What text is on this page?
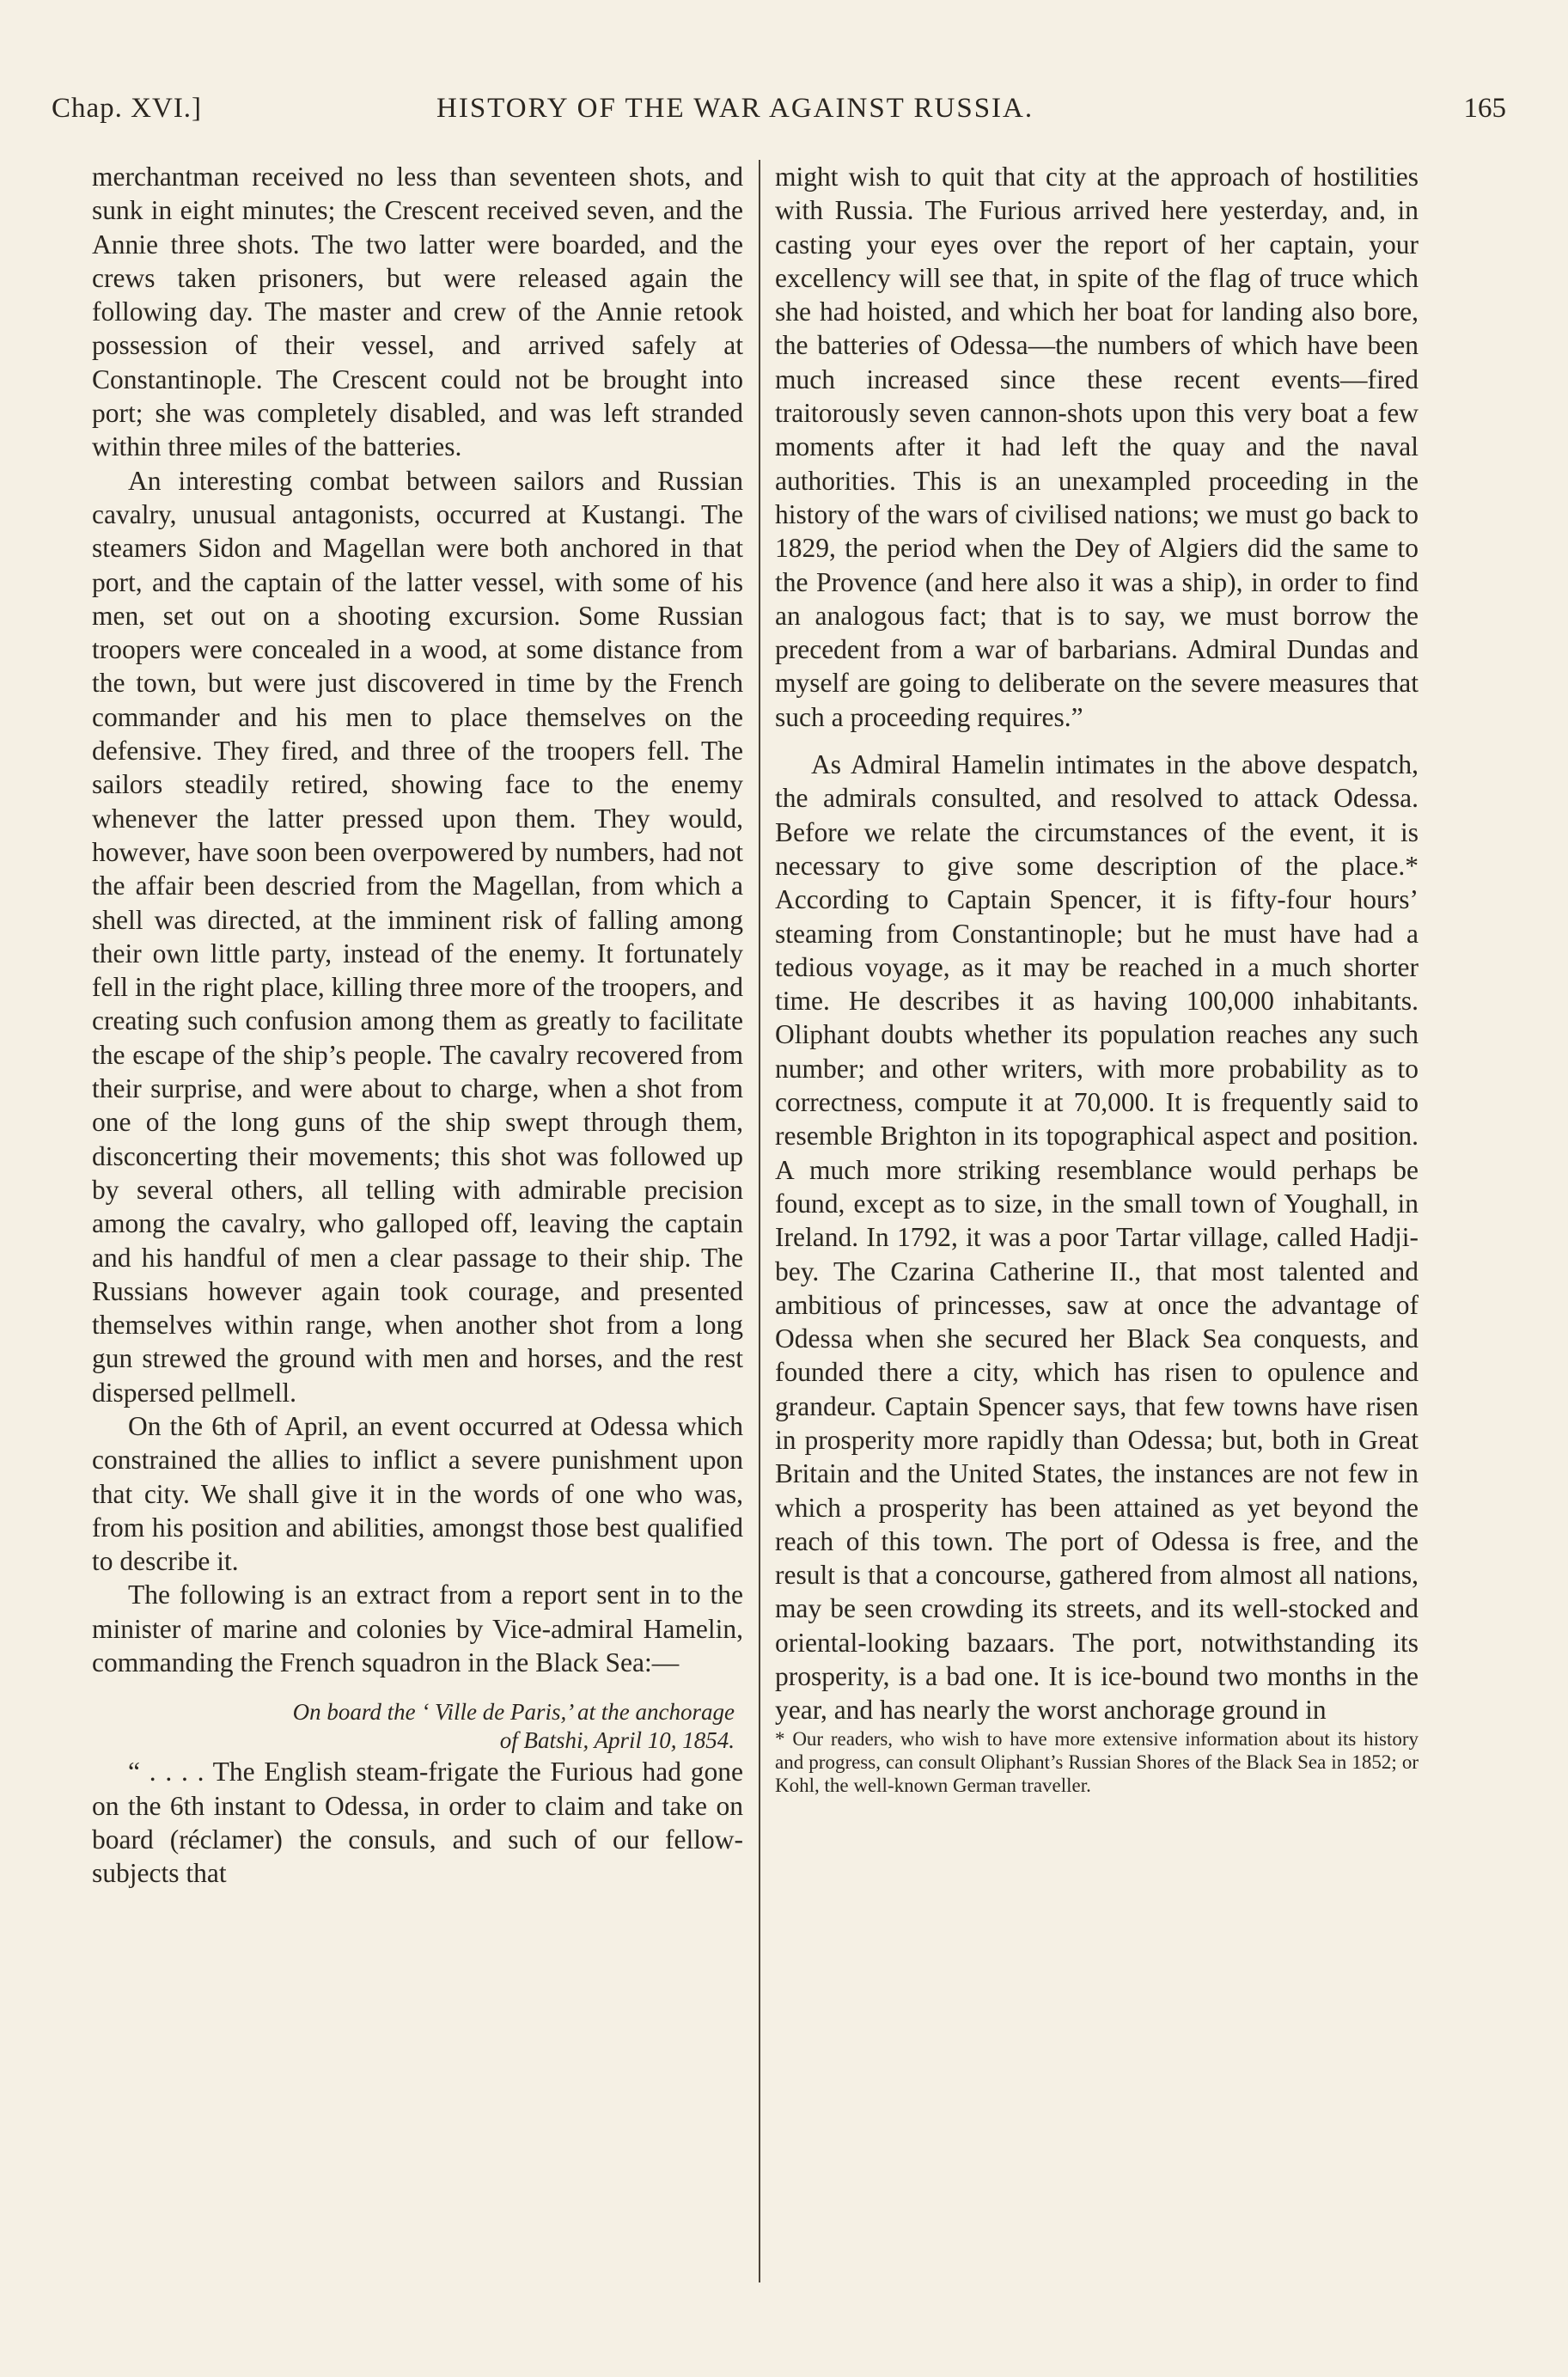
Chap. XVI.]	HISTORY OF THE WAR AGAINST RUSSIA.	165

merchantman received no less than seventeen shots, and sunk in eight minutes; the Crescent received seven, and the Annie three shots. The two latter were boarded, and the crews taken prisoners, but were released again the following day. The master and crew of the Annie retook possession of their vessel, and arrived safely at Constantinople. The Crescent could not be brought into port; she was completely disabled, and was left stranded within three miles of the batteries.

An interesting combat between sailors and Russian cavalry, unusual antagonists, occurred at Kustangi. The steamers Sidon and Magellan were both anchored in that port, and the captain of the latter vessel, with some of his men, set out on a shooting excursion. Some Russian troopers were concealed in a wood, at some distance from the town, but were just discovered in time by the French commander and his men to place themselves on the defensive. They fired, and three of the troopers fell. The sailors steadily retired, showing face to the enemy whenever the latter pressed upon them. They would, however, have soon been overpowered by numbers, had not the affair been descried from the Magellan, from which a shell was directed, at the imminent risk of falling among their own little party, instead of the enemy. It fortunately fell in the right place, killing three more of the troopers, and creating such confusion among them as greatly to facilitate the escape of the ship’s people. The cavalry recovered from their surprise, and were about to charge, when a shot from one of the long guns of the ship swept through them, disconcerting their movements; this shot was followed up by several others, all telling with admirable precision among the cavalry, who galloped off, leaving the captain and his handful of men a clear passage to their ship. The Russians however again took courage, and presented themselves within range, when another shot from a long gun strewed the ground with men and horses, and the rest dispersed pellmell.

On the 6th of April, an event occurred at Odessa which constrained the allies to inflict a severe punishment upon that city. We shall give it in the words of one who was, from his position and abilities, amongst those best qualified to describe it.

The following is an extract from a report sent in to the minister of marine and colonies by Vice-admiral Hamelin, commanding the French squadron in the Black Sea:—

On board the ‘ Ville de Paris,’ at the anchorage
of Batshi, April 10, 1854.

“ . . . . The English steam-frigate the Furious had gone on the 6th instant to Odessa, in order to claim and take on board (réclamer) the consuls, and such of our fellow-subjects that

might wish to quit that city at the approach of hostilities with Russia. The Furious arrived here yesterday, and, in casting your eyes over the report of her captain, your excellency will see that, in spite of the flag of truce which she had hoisted, and which her boat for landing also bore, the batteries of Odessa—the numbers of which have been much increased since these recent events—fired traitorously seven cannon-shots upon this very boat a few moments after it had left the quay and the naval authorities. This is an unexampled proceeding in the history of the wars of civilised nations; we must go back to 1829, the period when the Dey of Algiers did the same to the Provence (and here also it was a ship), in order to find an analogous fact; that is to say, we must borrow the precedent from a war of barbarians. Admiral Dundas and myself are going to deliberate on the severe measures that such a proceeding requires.”

As Admiral Hamelin intimates in the above despatch, the admirals consulted, and resolved to attack Odessa. Before we relate the circumstances of the event, it is necessary to give some description of the place.* According to Captain Spencer, it is fifty-four hours’ steaming from Constantinople; but he must have had a tedious voyage, as it may be reached in a much shorter time. He describes it as having 100,000 inhabitants. Oliphant doubts whether its population reaches any such number; and other writers, with more probability as to correctness, compute it at 70,000. It is frequently said to resemble Brighton in its topographical aspect and position. A much more striking resemblance would perhaps be found, except as to size, in the small town of Youghall, in Ireland. In 1792, it was a poor Tartar village, called Hadji-bey. The Czarina Catherine II., that most talented and ambitious of princesses, saw at once the advantage of Odessa when she secured her Black Sea conquests, and founded there a city, which has risen to opulence and grandeur. Captain Spencer says, that few towns have risen in prosperity more rapidly than Odessa; but, both in Great Britain and the United States, the instances are not few in which a prosperity has been attained as yet beyond the reach of this town. The port of Odessa is free, and the result is that a concourse, gathered from almost all nations, may be seen crowding its streets, and its well-stocked and oriental-looking bazaars. The port, notwithstanding its prosperity, is a bad one. It is ice-bound two months in the year, and has nearly the worst anchorage ground in

* Our readers, who wish to have more extensive information about its history and progress, can consult Oliphant’s Russian Shores of the Black Sea in 1852; or Kohl, the well-known German traveller.
